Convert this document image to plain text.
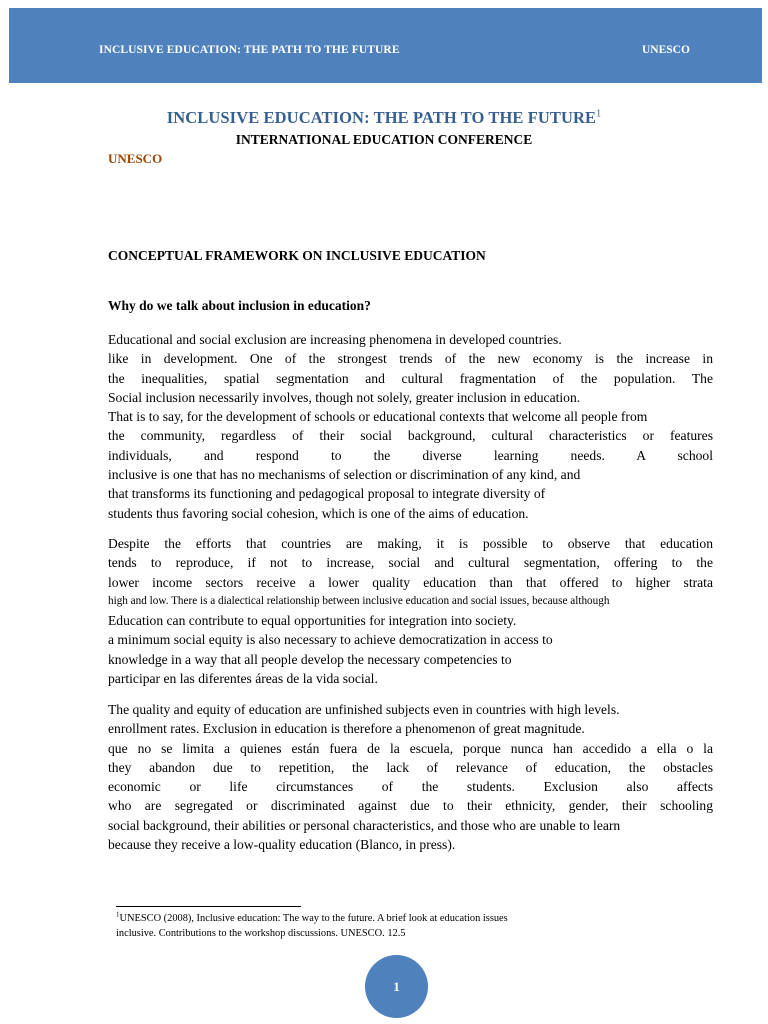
INCLUSIVE EDUCATION: THE PATH TO THE FUTURE	UNESCO
INCLUSIVE EDUCATION: THE PATH TO THE FUTURE$^1$
INTERNATIONAL EDUCATION CONFERENCE
UNESCO
CONCEPTUAL FRAMEWORK ON INCLUSIVE EDUCATION
Why do we talk about inclusion in education?
Educational and social exclusion are increasing phenomena in developed countries.
like in development. One of the strongest trends of the new economy is the increase in
the inequalities, spatial segmentation and cultural fragmentation of the population. The
Social inclusion necessarily involves, though not solely, greater inclusion in education.
That is to say, for the development of schools or educational contexts that welcome all people from
the community, regardless of their social background, cultural characteristics or features
individuals, and respond to the diverse learning needs. A school
inclusive is one that has no mechanisms of selection or discrimination of any kind, and
that transforms its functioning and pedagogical proposal to integrate diversity of
students thus favoring social cohesion, which is one of the aims of education.
Despite the efforts that countries are making, it is possible to observe that education
tends to reproduce, if not to increase, social and cultural segmentation, offering to the
lower income sectors receive a lower quality education than that offered to higher strata
high and low. There is a dialectical relationship between inclusive education and social issues, because although
Education can contribute to equal opportunities for integration into society.
a minimum social equity is also necessary to achieve democratization in access to
knowledge in a way that all people develop the necessary competencies to
participar en las diferentes áreas de la vida social.
The quality and equity of education are unfinished subjects even in countries with high levels.
enrollment rates. Exclusion in education is therefore a phenomenon of great magnitude.
que no se limita a quienes están fuera de la escuela, porque nunca han accedido a ella o la
they abandon due to repetition, the lack of relevance of education, the obstacles
economic or life circumstances of the students. Exclusion also affects
who are segregated or discriminated against due to their ethnicity, gender, their schooling
social background, their abilities or personal characteristics, and those who are unable to learn
because they receive a low-quality education (Blanco, in press).
$^1$UNESCO (2008), Inclusive education: The way to the future. A brief look at education issues
inclusive. Contributions to the workshop discussions. UNESCO. 12.5
1
